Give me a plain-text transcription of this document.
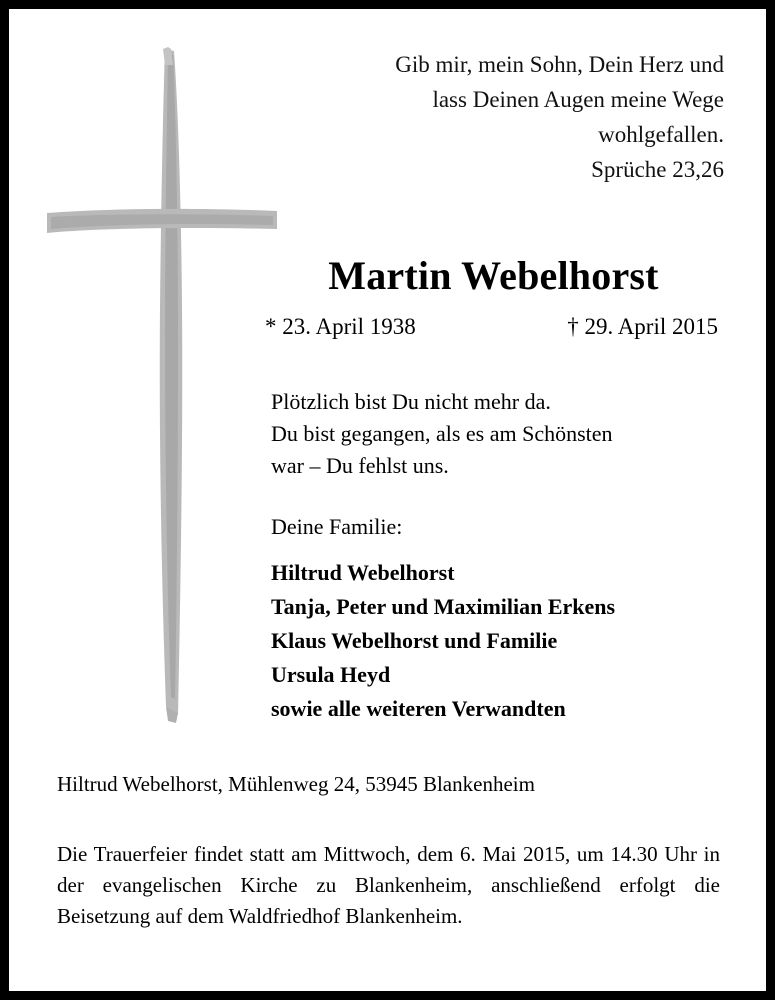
Gib mir, mein Sohn, Dein Herz und
lass Deinen Augen meine Wege
wohlgefallen.
Sprüche 23,26
Martin Webelhorst
* 23. April 1938	† 29. April 2015
Plötzlich bist Du nicht mehr da.
Du bist gegangen, als es am Schönsten
war – Du fehlst uns.
Deine Familie:
Hiltrud Webelhorst
Tanja, Peter und Maximilian Erkens
Klaus Webelhorst und Familie
Ursula Heyd
sowie alle weiteren Verwandten
Hiltrud Webelhorst, Mühlenweg 24, 53945 Blankenheim
Die Trauerfeier findet statt am Mittwoch, dem 6. Mai 2015, um 14.30 Uhr in der evangelischen Kirche zu Blankenheim, anschließend erfolgt die Beisetzung auf dem Waldfriedhof Blankenheim.
